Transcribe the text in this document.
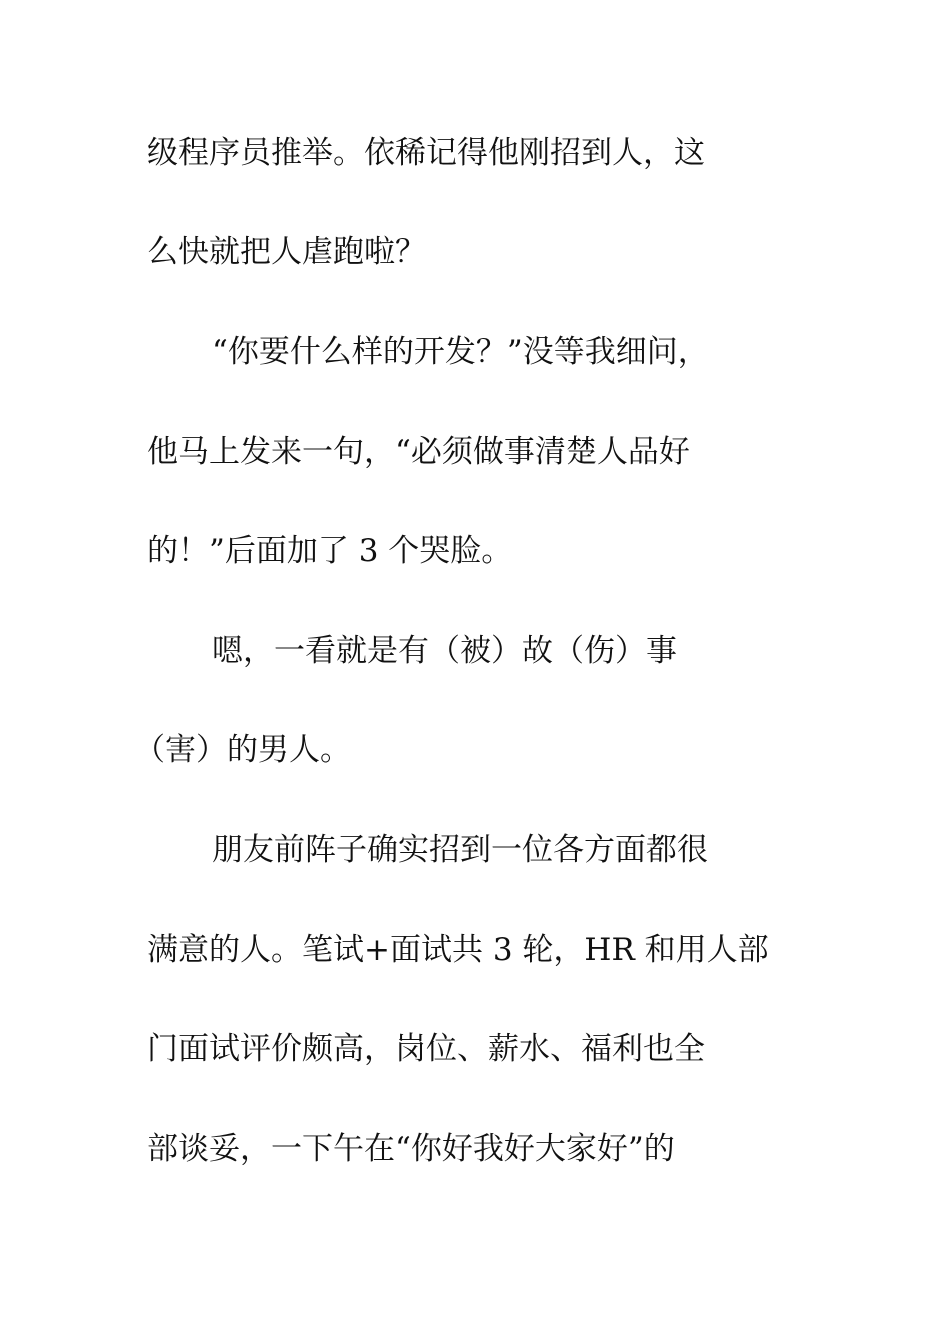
级程序员推举。依稀记得他刚招到人，这
么快就把人虐跑啦？
“你要什么样的开发？”没等我细问，
他马上发来一句，“必须做事清楚人品好
的！”后面加了 3 个哭脸。
嗯，一看就是有（被）故（伤）事
（害）的男人。
朋友前阵子确实招到一位各方面都很
满意的人。笔试+面试共 3 轮，HR 和用人部
门面试评价颇高，岗位、薪水、福利也全
部谈妥，一下午在“你好我好大家好”的
